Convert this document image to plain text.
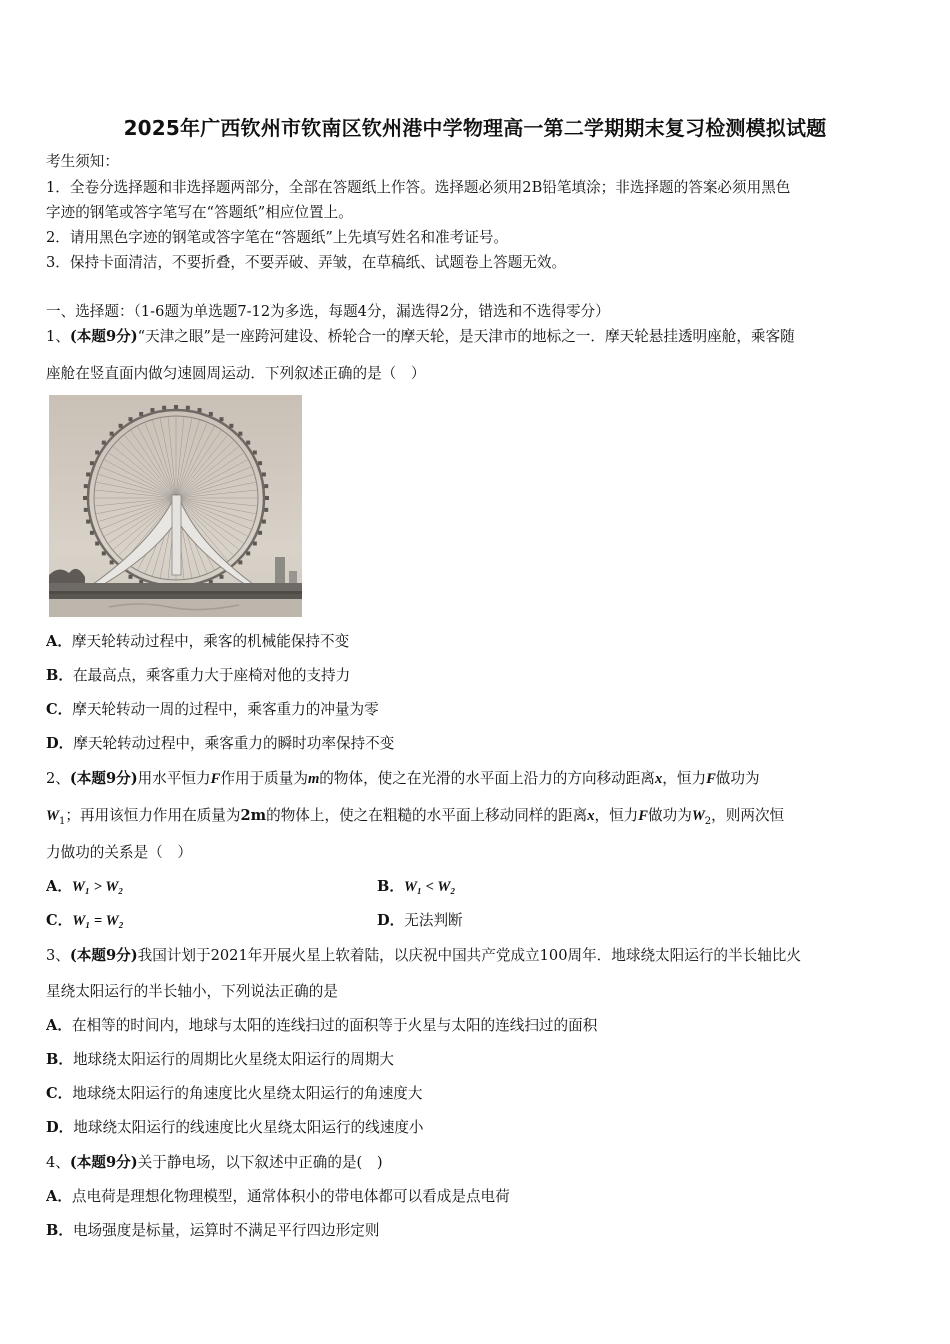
2025年广西钦州市钦南区钦州港中学物理高一第二学期期末复习检测模拟试题
考生须知：
1．全卷分选择题和非选择题两部分，全部在答题纸上作答。选择题必须用2B铅笔填涂；非选择题的答案必须用黑色
字迹的钢笔或答字笔写在“答题纸”相应位置上。
2．请用黑色字迹的钢笔或答字笔在“答题纸”上先填写姓名和准考证号。
3．保持卡面清洁，不要折叠，不要弄破、弄皱，在草稿纸、试题卷上答题无效。
一、选择题：（1-6题为单选题7-12为多选，每题4分，漏选得2分，错选和不选得零分）
1、(本题9分)“天津之眼”是一座跨河建设、桥轮合一的摩天轮，是天津市的地标之一．摩天轮悬挂透明座舱，乘客随
座舱在竖直面内做匀速圆周运动．下列叙述正确的是（　）
A．摩天轮转动过程中，乘客的机械能保持不变
B．在最高点，乘客重力大于座椅对他的支持力
C．摩天轮转动一周的过程中，乘客重力的冲量为零
D．摩天轮转动过程中，乘客重力的瞬时功率保持不变
2、(本题9分)用水平恒力F作用于质量为m的物体，使之在光滑的水平面上沿力的方向移动距离x，恒力F做功为
$W_1$；再用该恒力作用在质量为2m的物体上，使之在粗糙的水平面上移动同样的距离x，恒力F做功为$W_2$，则两次恒
力做功的关系是（　）
A．W₁ > W₂	B．W₁ < W₂
C．W₁ = W₂	D．无法判断
3、(本题9分)我国计划于2021年开展火星上软着陆，以庆祝中国共产党成立100周年．地球绕太阳运行的半长轴比火
星绕太阳运行的半长轴小，下列说法正确的是
A．在相等的时间内，地球与太阳的连线扫过的面积等于火星与太阳的连线扫过的面积
B．地球绕太阳运行的周期比火星绕太阳运行的周期大
C．地球绕太阳运行的角速度比火星绕太阳运行的角速度大
D．地球绕太阳运行的线速度比火星绕太阳运行的线速度小
4、(本题9分)关于静电场，以下叙述中正确的是(　)
A．点电荷是理想化物理模型，通常体积小的带电体都可以看成是点电荷
B．电场强度是标量，运算时不满足平行四边形定则
